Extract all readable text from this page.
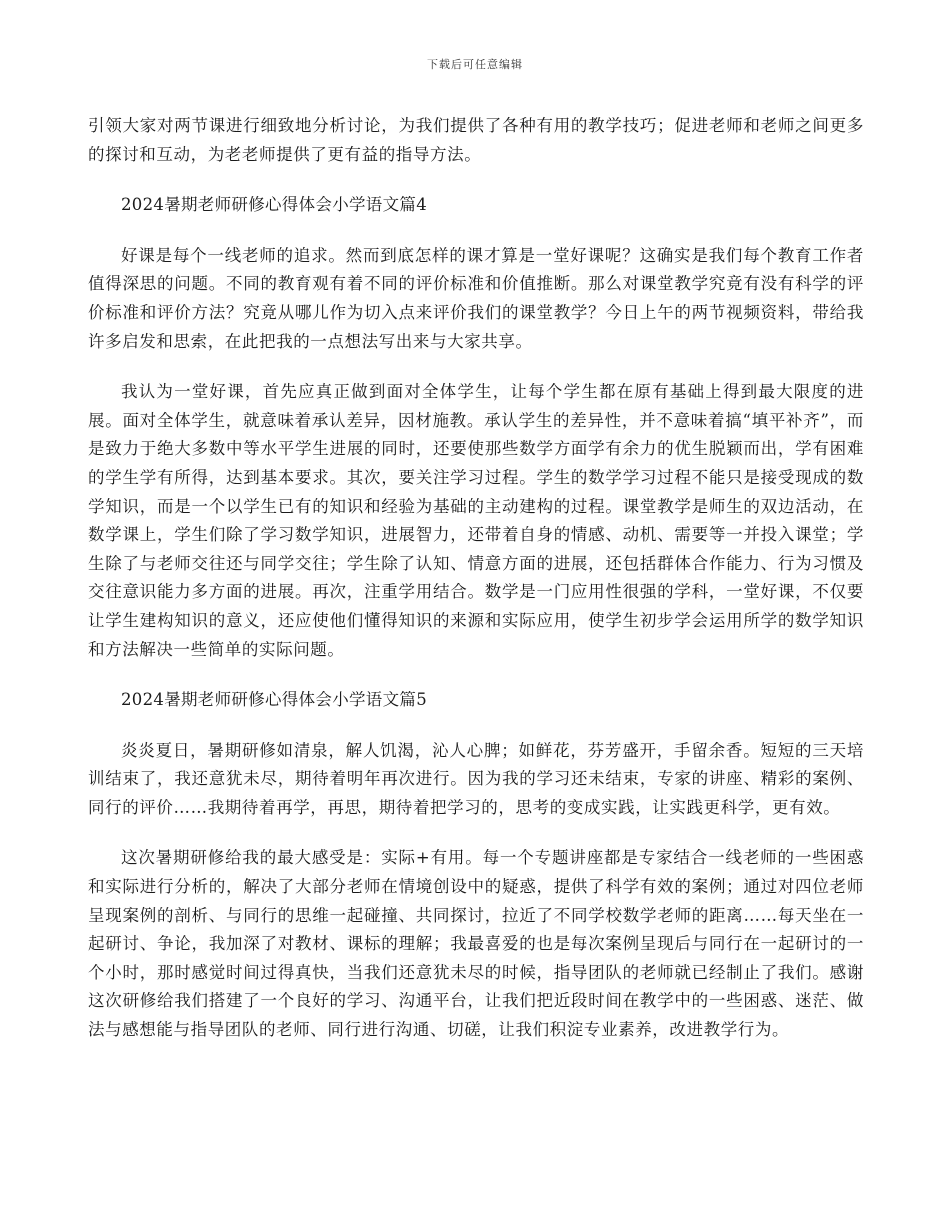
下载后可任意编辑

引领大家对两节课进行细致地分析讨论，为我们提供了各种有用的教学技巧；促进老师和老师之间更多的探讨和互动，为老老师提供了更有益的指导方法。

2024暑期老师研修心得体会小学语文篇4

好课是每个一线老师的追求。然而到底怎样的课才算是一堂好课呢？这确实是我们每个教育工作者值得深思的问题。不同的教育观有着不同的评价标准和价值推断。那么对课堂教学究竟有没有科学的评价标准和评价方法？究竟从哪儿作为切入点来评价我们的课堂教学？今日上午的两节视频资料，带给我许多启发和思索，在此把我的一点想法写出来与大家共享。

我认为一堂好课，首先应真正做到面对全体学生，让每个学生都在原有基础上得到最大限度的进展。面对全体学生，就意味着承认差异，因材施教。承认学生的差异性，并不意味着搞“填平补齐”，而是致力于绝大多数中等水平学生进展的同时，还要使那些数学方面学有余力的优生脱颖而出，学有困难的学生学有所得，达到基本要求。其次，要关注学习过程。学生的数学学习过程不能只是接受现成的数学知识，而是一个以学生已有的知识和经验为基础的主动建构的过程。课堂教学是师生的双边活动，在数学课上，学生们除了学习数学知识，进展智力，还带着自身的情感、动机、需要等一并投入课堂；学生除了与老师交往还与同学交往；学生除了认知、情意方面的进展，还包括群体合作能力、行为习惯及交往意识能力多方面的进展。再次，注重学用结合。数学是一门应用性很强的学科，一堂好课，不仅要让学生建构知识的意义，还应使他们懂得知识的来源和实际应用，使学生初步学会运用所学的数学知识和方法解决一些简单的实际问题。

2024暑期老师研修心得体会小学语文篇5

炎炎夏日，暑期研修如清泉，解人饥渴，沁人心脾；如鲜花，芬芳盛开，手留余香。短短的三天培训结束了，我还意犹未尽，期待着明年再次进行。因为我的学习还未结束，专家的讲座、精彩的案例、同行的评价……我期待着再学，再思，期待着把学习的，思考的变成实践，让实践更科学，更有效。

这次暑期研修给我的最大感受是：实际+有用。每一个专题讲座都是专家结合一线老师的一些困惑和实际进行分析的，解决了大部分老师在情境创设中的疑惑，提供了科学有效的案例；通过对四位老师呈现案例的剖析、与同行的思维一起碰撞、共同探讨，拉近了不同学校数学老师的距离……每天坐在一起研讨、争论，我加深了对教材、课标的理解；我最喜爱的也是每次案例呈现后与同行在一起研讨的一个小时，那时感觉时间过得真快，当我们还意犹未尽的时候，指导团队的老师就已经制止了我们。感谢这次研修给我们搭建了一个良好的学习、沟通平台，让我们把近段时间在教学中的一些困惑、迷茫、做法与感想能与指导团队的老师、同行进行沟通、切磋，让我们积淀专业素养，改进教学行为。
